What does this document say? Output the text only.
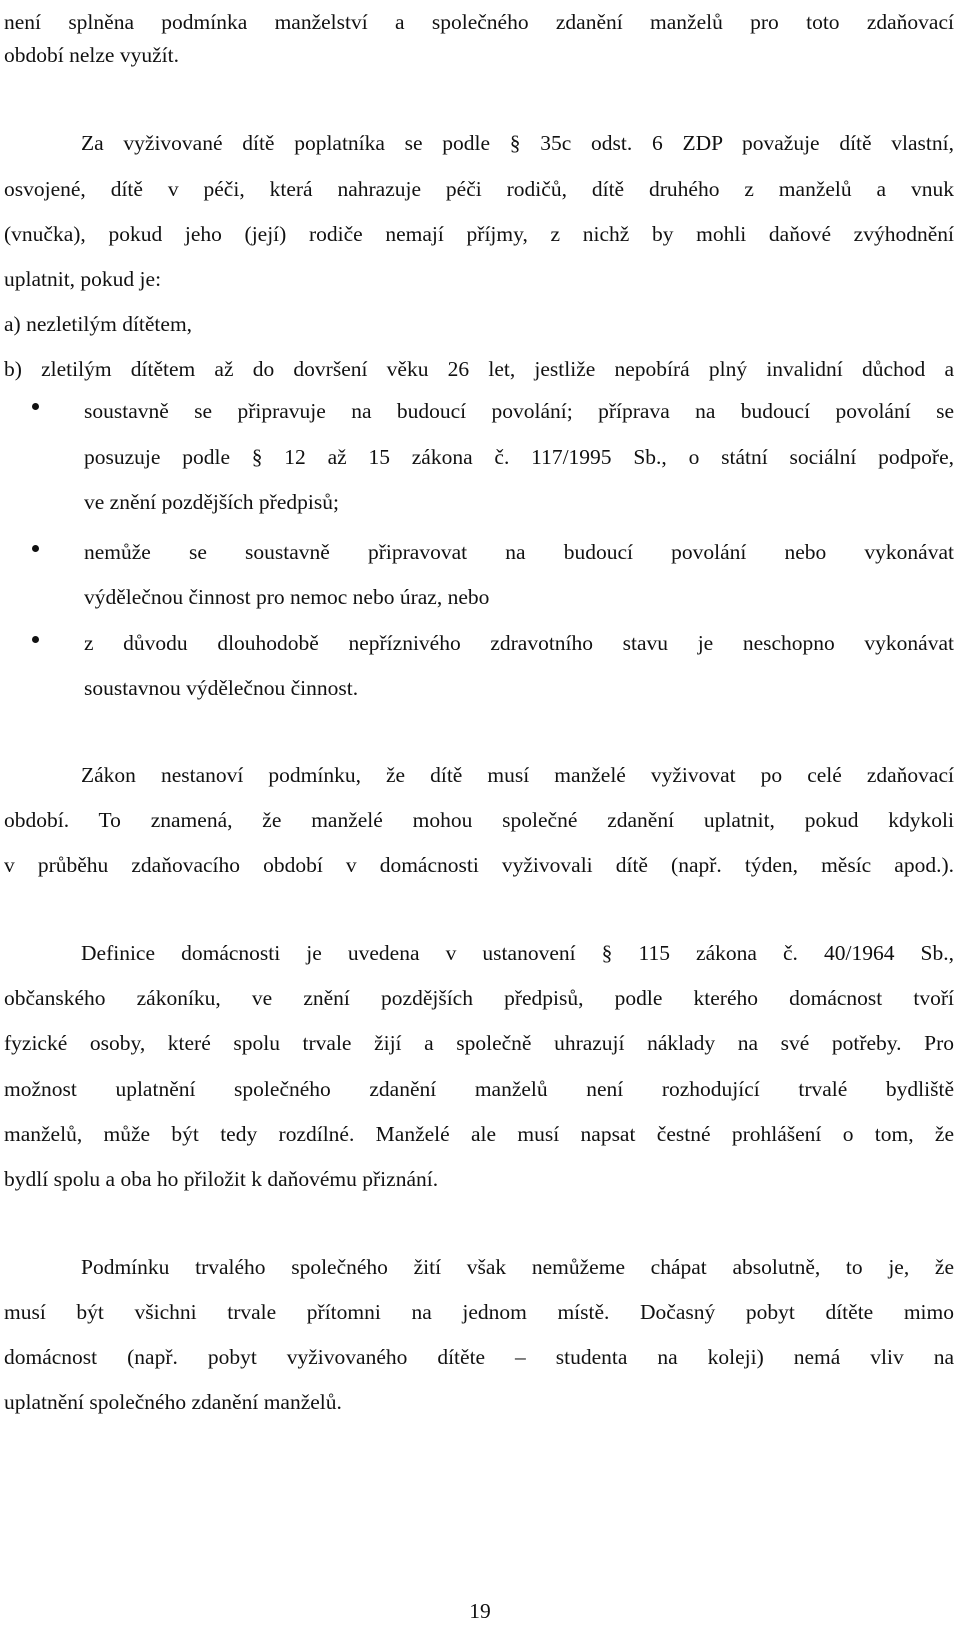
není splněna podmínka manželství a společného zdanění manželů pro toto zdaňovací
období nelze využít.
Za vyživované dítě poplatníka se podle § 35c odst. 6 ZDP považuje dítě vlastní,
osvojené, dítě v péči, která nahrazuje péči rodičů, dítě druhého z manželů a vnuk
(vnučka), pokud jeho (její) rodiče nemají příjmy, z nichž by mohli daňové zvýhodnění
uplatnit, pokud je:
a) nezletilým dítětem,
b) zletilým dítětem až do dovršení věku 26 let, jestliže nepobírá plný invalidní důchod a
soustavně se připravuje na budoucí povolání; příprava na budoucí povolání se
posuzuje podle § 12 až 15 zákona č. 117/1995 Sb., o státní sociální podpoře,
ve znění pozdějších předpisů;
nemůže se soustavně připravovat na budoucí povolání nebo vykonávat
výdělečnou činnost pro nemoc nebo úraz, nebo
z důvodu dlouhodobě nepříznivého zdravotního stavu je neschopno vykonávat
soustavnou výdělečnou činnost.
Zákon nestanoví podmínku, že dítě musí manželé vyživovat po celé zdaňovací
období. To znamená, že manželé mohou společné zdanění uplatnit, pokud kdykoli
v průběhu zdaňovacího období v domácnosti vyživovali dítě (např. týden, měsíc apod.).
Definice domácnosti je uvedena v ustanovení § 115 zákona č. 40/1964 Sb.,
občanského zákoníku, ve znění pozdějších předpisů, podle kterého domácnost tvoří
fyzické osoby, které spolu trvale žijí a společně uhrazují náklady na své potřeby. Pro
možnost uplatnění společného zdanění manželů není rozhodující trvalé bydliště
manželů, může být tedy rozdílné. Manželé ale musí napsat čestné prohlášení o tom, že
bydlí spolu a oba ho přiložit k daňovému přiznání.
Podmínku trvalého společného žití však nemůžeme chápat absolutně, to je, že
musí být všichni trvale přítomni na jednom místě. Dočasný pobyt dítěte mimo
domácnost (např. pobyt vyživovaného dítěte – studenta na koleji) nemá vliv na
uplatnění společného zdanění manželů.
19
